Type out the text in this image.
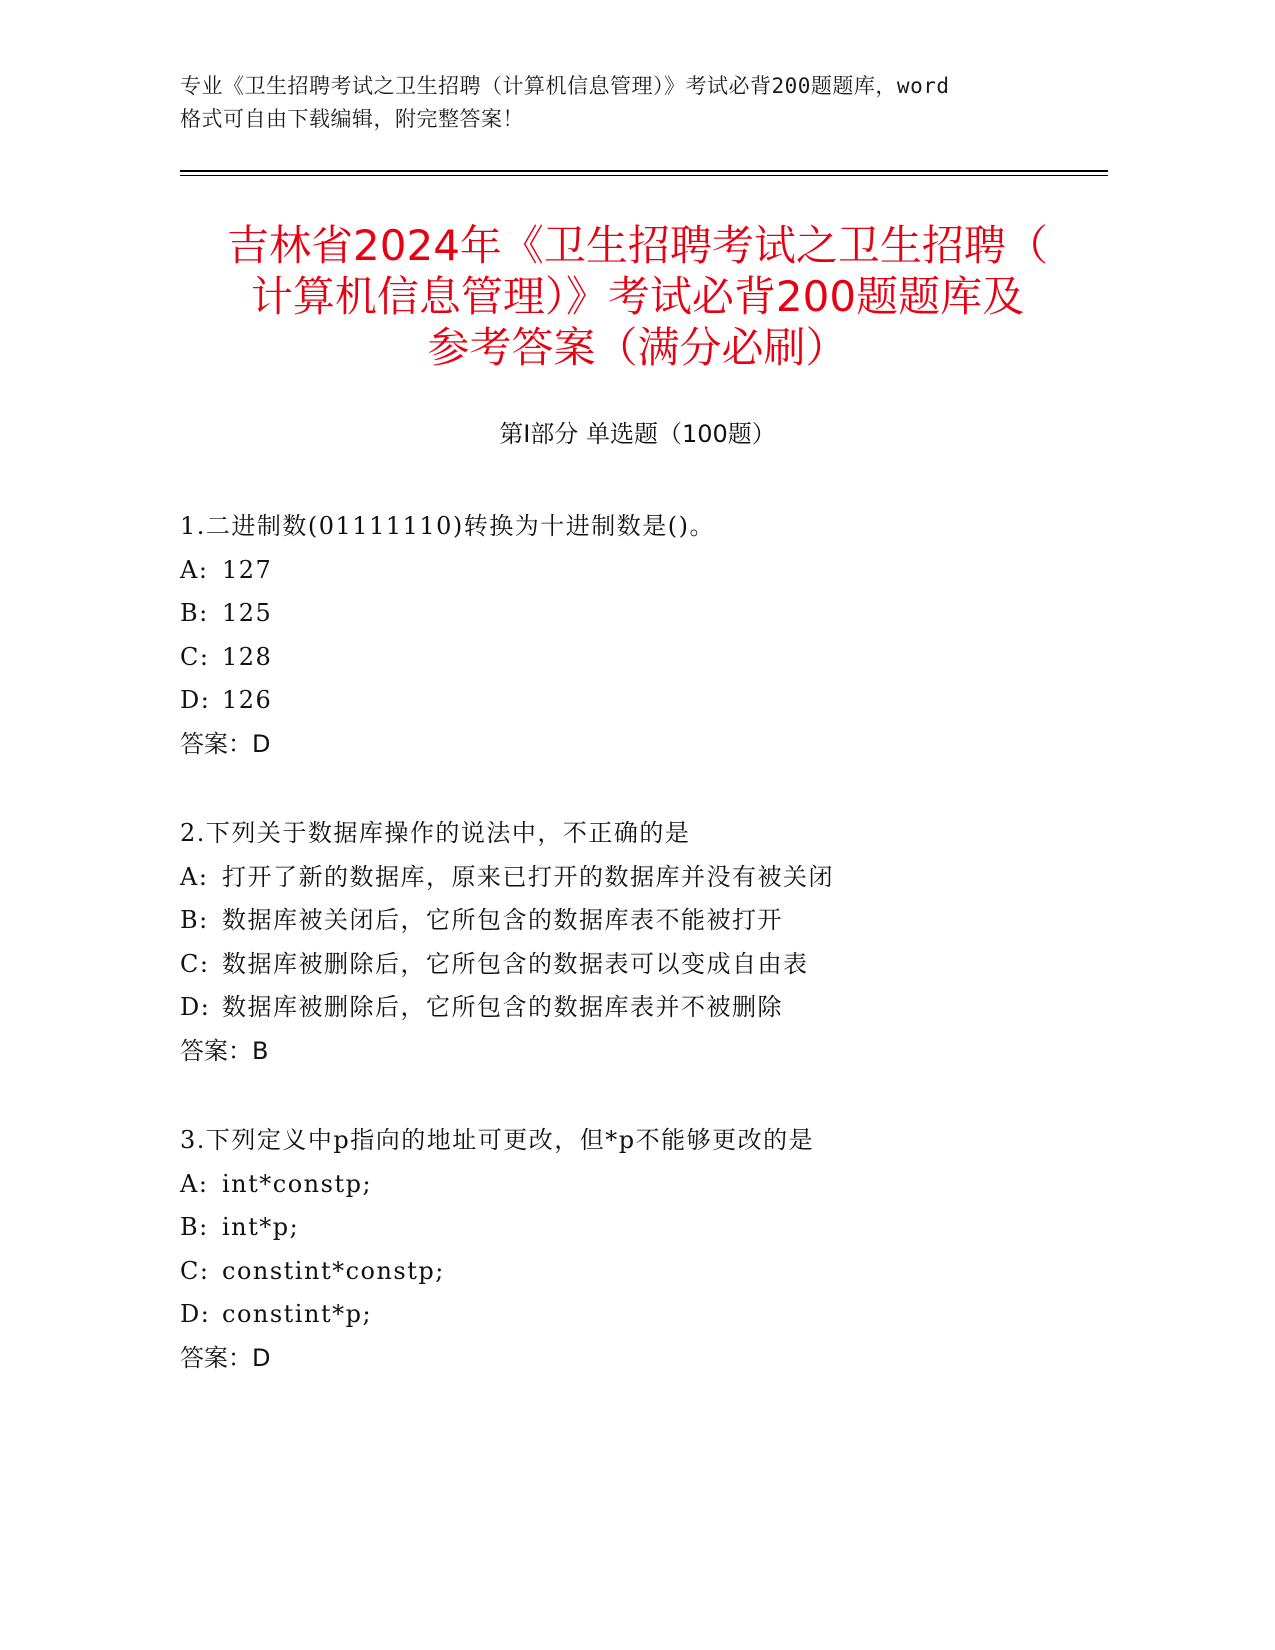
专业《卫生招聘考试之卫生招聘（计算机信息管理）》考试必背200题题库，word
格式可自由下载编辑，附完整答案！
吉林省2024年《卫生招聘考试之卫生招聘（
计算机信息管理）》考试必背200题题库及
参考答案（满分必刷）
第Ⅰ部分 单选题（100题）
1.二进制数(01111110)转换为十进制数是()。
A: 127
B: 125
C: 128
D: 126
答案：D
2.下列关于数据库操作的说法中，不正确的是
A: 打开了新的数据库，原来已打开的数据库并没有被关闭
B: 数据库被关闭后，它所包含的数据库表不能被打开
C: 数据库被删除后，它所包含的数据表可以变成自由表
D: 数据库被删除后，它所包含的数据库表并不被删除
答案：B
3.下列定义中p指向的地址可更改，但*p不能够更改的是
A: int*constp;
B: int*p;
C: constint*constp;
D: constint*p;
答案：D
